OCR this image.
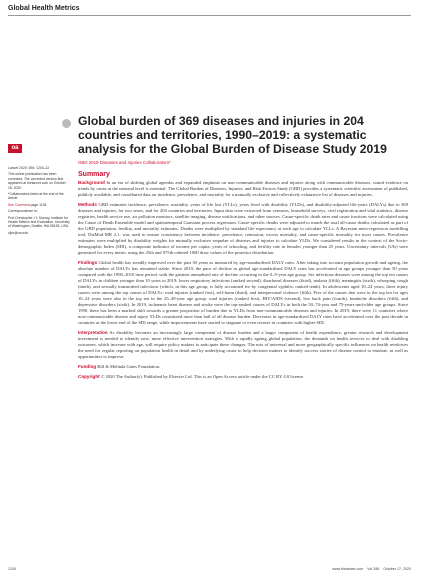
Global Health Metrics
Global burden of 369 diseases and injuries in 204 countries and territories, 1990–2019: a systematic analysis for the Global Burden of Disease Study 2019
GBD 2019 Diseases and Injuries Collaborators*
oa

Lancet 2020; 396: 1204–22

This online publication has been corrected. The corrected version first appeared at thelancet.com on October 15, 2020

*Collaborators listed at the end of the Article

See Comment page 1135

Correspondence to:

Prof Christopher J L Murray, Institute for Health Metrics and Evaluation, University of Washington, Seattle, WA 98195, USA

cjlm@uw.edu

Summary

Background In an era of shifting global agendas and expanded emphasis on non-communicable diseases and injuries along with communicable diseases, sound evidence on trends by cause at the national level is essential. The Global Burden of Diseases, Injuries, and Risk Factors Study (GBD) provides a systematic scientific assessment of published, publicly available, and contributed data on incidence, prevalence, and mortality for a mutually exclusive and collectively exhaustive list of diseases and injuries.

Methods GBD estimates incidence, prevalence, mortality, years of life lost (YLLs), years lived with disability (YLDs), and disability-adjusted life-years (DALYs) due to 369 diseases and injuries, for two sexes, and for 204 countries and territories. Input data were extracted from censuses, household surveys, civil registration and vital statistics, disease registries, health service use, air pollution monitors, satellite imaging, disease notifications, and other sources. Cause-specific death rates and cause fractions were calculated using the Cause of Death Ensemble model and spatiotemporal Gaussian process regression. Cause-specific deaths were adjusted to match the total all-cause deaths calculated as part of the GBD population, fertility, and mortality estimates. Deaths were multiplied by standard life expectancy at each age to calculate YLLs. A Bayesian meta-regression modelling tool, DisMod-MR 2.1, was used to ensure consistency between incidence, prevalence, remission, excess mortality, and cause-specific mortality for most causes. Prevalence estimates were multiplied by disability weights for mutually exclusive sequelae of diseases and injuries to calculate YLDs. We considered results in the context of the Socio-demographic Index (SDI), a composite indicator of income per capita, years of schooling, and fertility rate in females younger than 25 years. Uncertainty intervals (UIs) were generated for every metric using the 25th and 975th ordered 1000 draw values of the posterior distribution.

Findings Global health has steadily improved over the past 30 years as measured by age-standardised DALY rates. After taking into account population growth and ageing, the absolute number of DALYs has remained stable. Since 2010, the pace of decline in global age-standardised DALY rates has accelerated in age groups younger than 50 years compared with the 1990–2010 time period, with the greatest annualised rate of decline occurring in the 0–9-year age group. Six infectious diseases were among the top ten causes of DALYs in children younger than 10 years in 2019: lower respiratory infections (ranked second), diarrhoeal diseases (third), malaria (fifth), meningitis (sixth), whooping cough (ninth), and sexually transmitted infections (which, in this age group, is fully accounted for by congenital syphilis; ranked tenth). In adolescents aged 10–24 years, three injury causes were among the top causes of DALYs: road injuries (ranked first), self-harm (third), and interpersonal violence (fifth). Five of the causes that were in the top ten for ages 10–24 years were also in the top ten in the 25–49-year age group: road injuries (ranked first), HIV/AIDS (second), low back pain (fourth), headache disorders (fifth), and depressive disorders (sixth). In 2019, ischaemic heart disease and stroke were the top-ranked causes of DALYs in both the 50–74-year and 75-years-and-older age groups. Since 1990, there has been a marked shift towards a greater proportion of burden due to YLDs from non-communicable diseases and injuries. In 2019, there were 11 countries where non-communicable disease and injury YLDs constituted more than half of all disease burden. Decreases in age-standardised DALY rates have accelerated over the past decade in countries at the lower end of the SDI range, while improvements have started to stagnate or even reverse in countries with higher SDI.

Interpretation As disability becomes an increasingly large component of disease burden and a larger component of health expenditure, greater research and development investment is needed to identify new, more effective intervention strategies. With a rapidly ageing global population, the demands on health services to deal with disabling outcomes, which increase with age, will require policy makers to anticipate these changes. The mix of universal and more geographically specific influences on health reinforces the need for regular reporting on population health in detail and by underlying cause to help decision makers to identify success stories of disease control to emulate, as well as opportunities to improve.

Funding Bill & Melinda Gates Foundation.

Copyright © 2020 The Author(s). Published by Elsevier Ltd. This is an Open Access article under the CC BY 4.0 license.

1204	www.thelancet.com Vol 396 October 17, 2020
